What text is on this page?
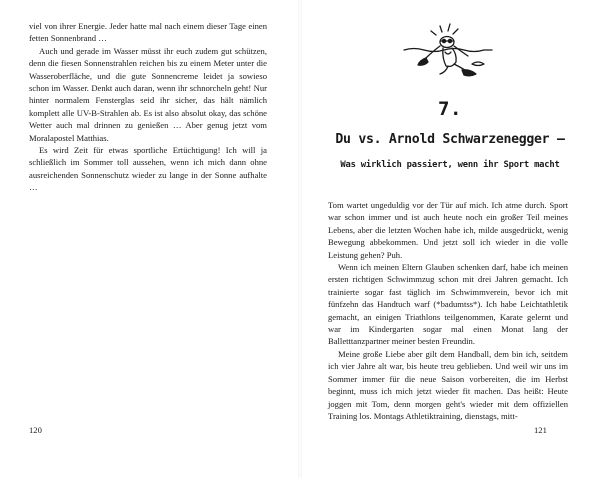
viel von ihrer Energie. Jeder hatte mal nach einem dieser Tage einen fetten Sonnenbrand …

Auch und gerade im Wasser müsst ihr euch zudem gut schützen, denn die fiesen Sonnenstrahlen reichen bis zu einem Meter unter die Wasseroberfläche, und die gute Sonnencreme leidet ja sowieso schon im Wasser. Denkt auch daran, wenn ihr schnorcheln geht! Nur hinter normalem Fensterglas seid ihr sicher, das hält nämlich komplett alle UV-B-Strahlen ab. Es ist also absolut okay, das schöne Wetter auch mal drinnen zu genießen … Aber genug jetzt vom Moralapostel Matthias.

Es wird Zeit für etwas sportliche Ertüchtigung! Ich will ja schließlich im Sommer toll aussehen, wenn ich mich dann ohne ausreichenden Sonnenschutz wieder zu lange in der Sonne aufhalte …

120
7.
Du vs. Arnold Schwarzenegger –
Was wirklich passiert, wenn ihr Sport macht

Tom wartet ungeduldig vor der Tür auf mich. Ich atme durch. Sport war schon immer und ist auch heute noch ein großer Teil meines Lebens, aber die letzten Wochen habe ich, milde ausgedrückt, wenig Bewegung abbekommen. Und jetzt soll ich wieder in die volle Leistung gehen? Puh.

Wenn ich meinen Eltern Glauben schenken darf, habe ich meinen ersten richtigen Schwimmzug schon mit drei Jahren gemacht. Ich trainierte sogar fast täglich im Schwimmverein, bevor ich mit fünfzehn das Handtuch warf (*badumtss*). Ich habe Leichtathletik gemacht, an einigen Triathlons teilgenommen, Karate gelernt und war im Kindergarten sogar mal einen Monat lang der Balletttanzpartner meiner besten Freundin.

Meine große Liebe aber gilt dem Handball, dem bin ich, seitdem ich vier Jahre alt war, bis heute treu geblieben. Und weil wir uns im Sommer immer für die neue Saison vorbereiten, die im Herbst beginnt, muss ich mich jetzt wieder fit machen. Das heißt: Heute joggen mit Tom, denn morgen geht's wieder mit dem offiziellen Training los. Montags Athletiktraining, dienstags, mitt-

121
